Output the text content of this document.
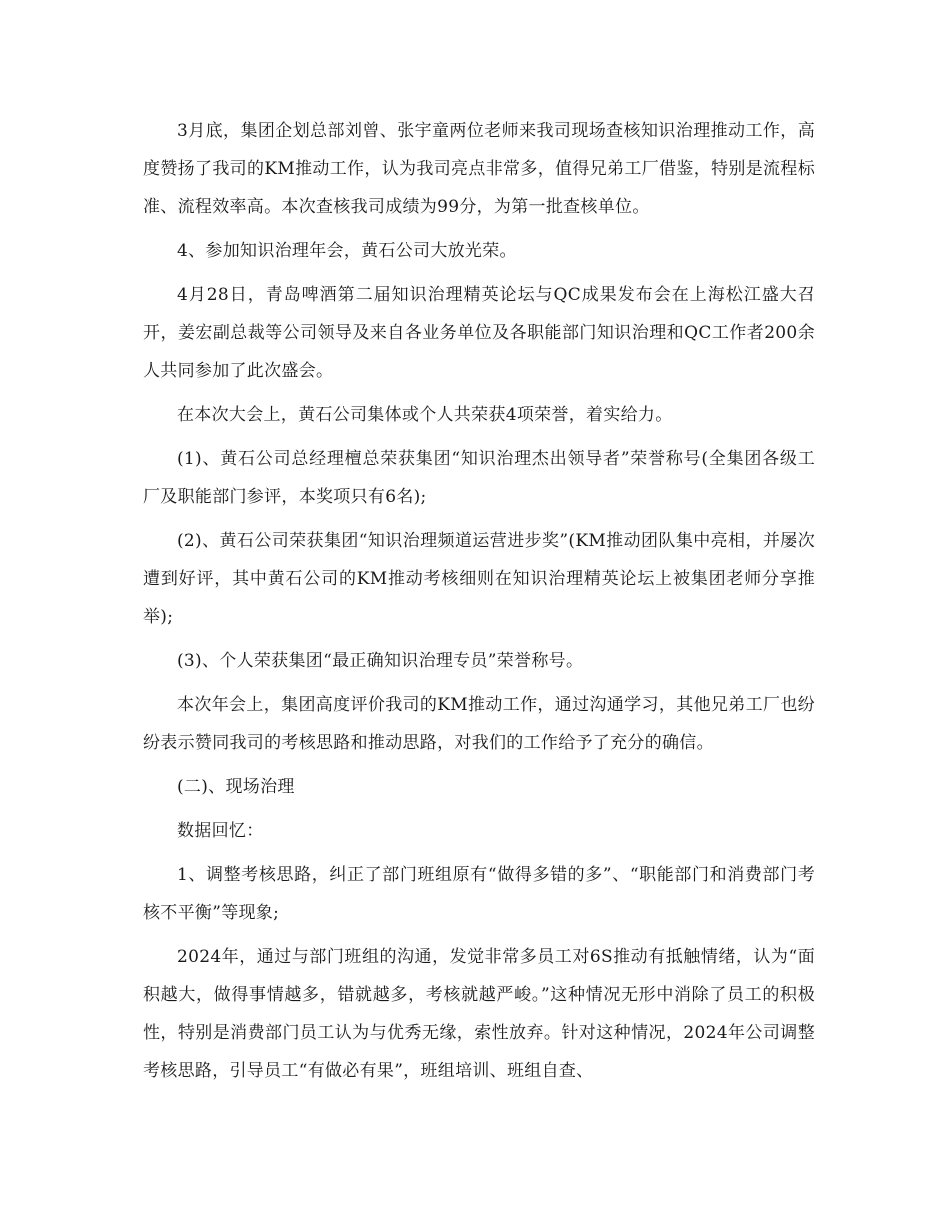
3月底，集团企划总部刘曾、张宇童两位老师来我司现场查核知识治理推动工作，高度赞扬了我司的KM推动工作，认为我司亮点非常多，值得兄弟工厂借鉴，特别是流程标准、流程效率高。本次查核我司成绩为99分，为第一批查核单位。

4、参加知识治理年会，黄石公司大放光荣。

4月28日，青岛啤酒第二届知识治理精英论坛与QC成果发布会在上海松江盛大召开，姜宏副总裁等公司领导及来自各业务单位及各职能部门知识治理和QC工作者200余人共同参加了此次盛会。

在本次大会上，黄石公司集体或个人共荣获4项荣誉，着实给力。

(1)、黄石公司总经理檀总荣获集团“知识治理杰出领导者”荣誉称号(全集团各级工厂及职能部门参评，本奖项只有6名);

(2)、黄石公司荣获集团“知识治理频道运营进步奖”(KM推动团队集中亮相，并屡次遭到好评，其中黄石公司的KM推动考核细则在知识治理精英论坛上被集团老师分享推举);

(3)、个人荣获集团“最正确知识治理专员”荣誉称号。

本次年会上，集团高度评价我司的KM推动工作，通过沟通学习，其他兄弟工厂也纷纷表示赞同我司的考核思路和推动思路，对我们的工作给予了充分的确信。

(二)、现场治理

数据回忆：

1、调整考核思路，纠正了部门班组原有“做得多错的多”、“职能部门和消费部门考核不平衡”等现象;

2024年，通过与部门班组的沟通，发觉非常多员工对6S推动有抵触情绪，认为“面积越大，做得事情越多，错就越多，考核就越严峻。”这种情况无形中消除了员工的积极性，特别是消费部门员工认为与优秀无缘，索性放弃。针对这种情况，2024年公司调整考核思路，引导员工“有做必有果”，班组培训、班组自查、
